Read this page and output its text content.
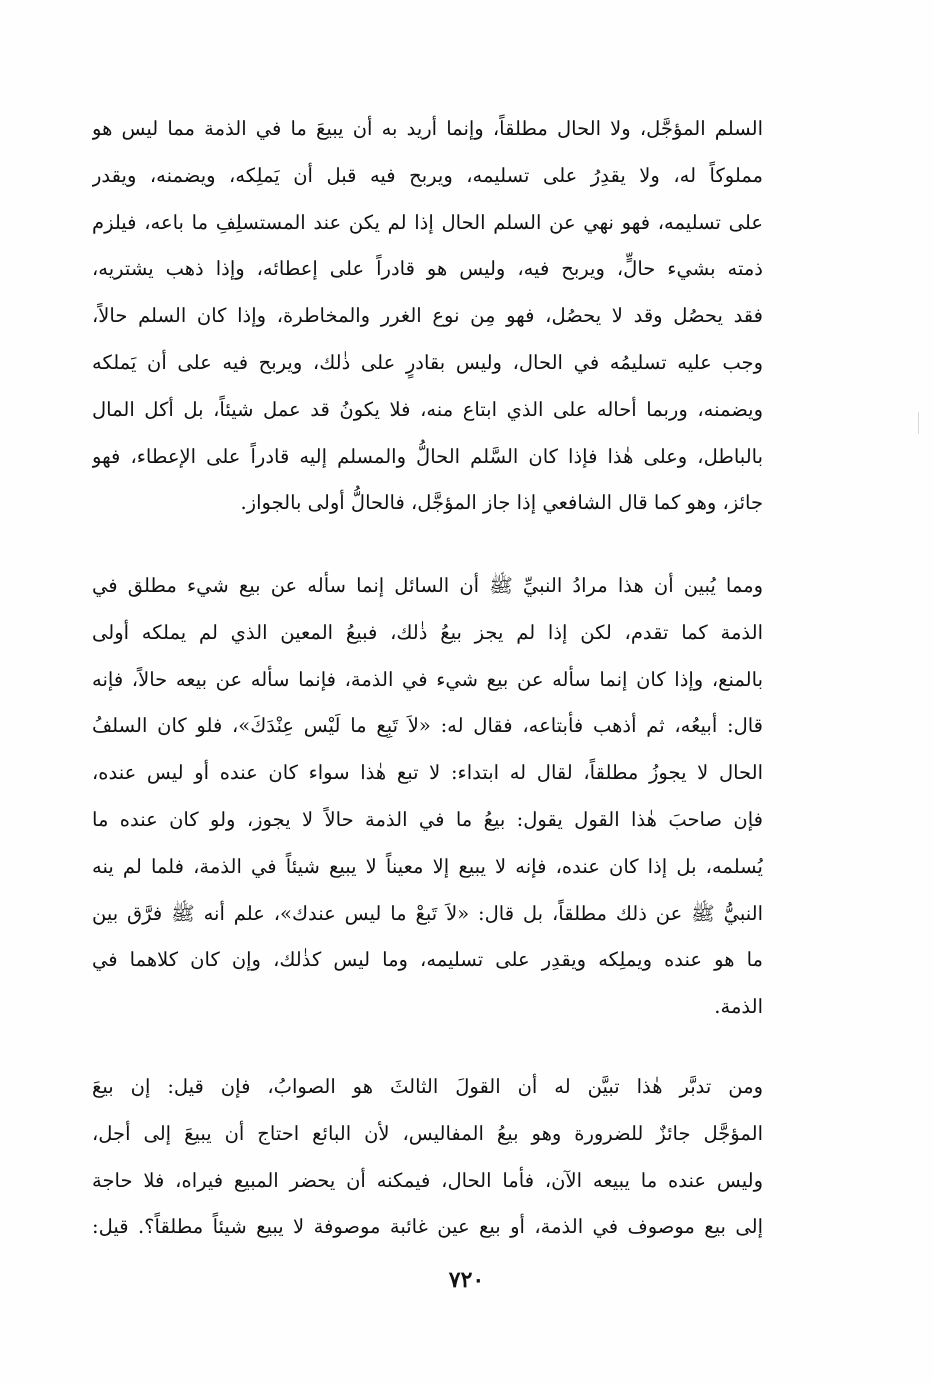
السلم المؤجَّل، ولا الحال مطلقاً، وإنما أريد به أن يبيعَ ما في الذمة مما ليس هو
مملوكاً له، ولا يقدِرُ على تسليمه، ويربح فيه قبل أن يَملِكه، ويضمنه، ويقدر
على تسليمه، فهو نهي عن السلم الحال إذا لم يكن عند المستسلِفِ ما باعه، فيلزم
ذمته بشيء حالٍّ، ويربح فيه، وليس هو قادراً على إعطائه، وإذا ذهب يشتريه،
فقد يحصُل وقد لا يحصُل، فهو مِن نوع الغرر والمخاطرة، وإذا كان السلم حالاً،
وجب عليه تسليمُه في الحال، وليس بقادرٍ على ذٰلك، ويربح فيه على أن يَملكه
ويضمنه، وربما أحاله على الذي ابتاع منه، فلا يكونُ قد عمل شيئاً، بل أكل المال
بالباطل، وعلى هٰذا فإذا كان السَّلم الحالُّ والمسلم إليه قادراً على الإعطاء، فهو
جائز، وهو كما قال الشافعي إذا جاز المؤجَّل، فالحالُّ أولى بالجواز.
ومما يُبين أن هذا مرادُ النبيِّ ﷺ أن السائل إنما سأله عن بيع شيء مطلق في
الذمة كما تقدم، لكن إذا لم يجز بيعُ ذٰلك، فبيعُ المعين الذي لم يملكه أولى
بالمنع، وإذا كان إنما سأله عن بيع شيء في الذمة، فإنما سأله عن بيعه حالاً، فإنه
قال: أبيعُه، ثم أذهب فأبتاعه، فقال له: «لاَ تَبِع ما لَيْس عِنْدَكَ»، فلو كان السلفُ
الحال لا يجوزُ مطلقاً، لقال له ابتداء: لا تبع هٰذا سواء كان عنده أو ليس عنده،
فإن صاحبَ هٰذا القول يقول: بيعُ ما في الذمة حالاً لا يجوز، ولو كان عنده ما
يُسلمه، بل إذا كان عنده، فإنه لا يبيع إلا معيناً لا يبيع شيئاً في الذمة، فلما لم ينه
النبيُّ ﷺ عن ذلك مطلقاً، بل قال: «لاَ تَبعْ ما ليس عندك»، علم أنه ﷺ فرَّق بين
ما هو عنده ويملِكه ويقدِر على تسليمه، وما ليس كذٰلك، وإن كان كلاهما في
الذمة.
ومن تدبَّر هٰذا تبيَّن له أن القولَ الثالثَ هو الصوابُ، فإن قيل: إن بيعَ
المؤجَّل جائزٌ للضرورة وهو بيعُ المفاليس، لأن البائع احتاج أن يبيعَ إلى أجل،
وليس عنده ما يبيعه الآن، فأما الحال، فيمكنه أن يحضر المبيع فيراه، فلا حاجة
إلى بيع موصوف في الذمة، أو بيع عين غائبة موصوفة لا يبيع شيئاً مطلقاً؟. قيل:
٧٢٠
